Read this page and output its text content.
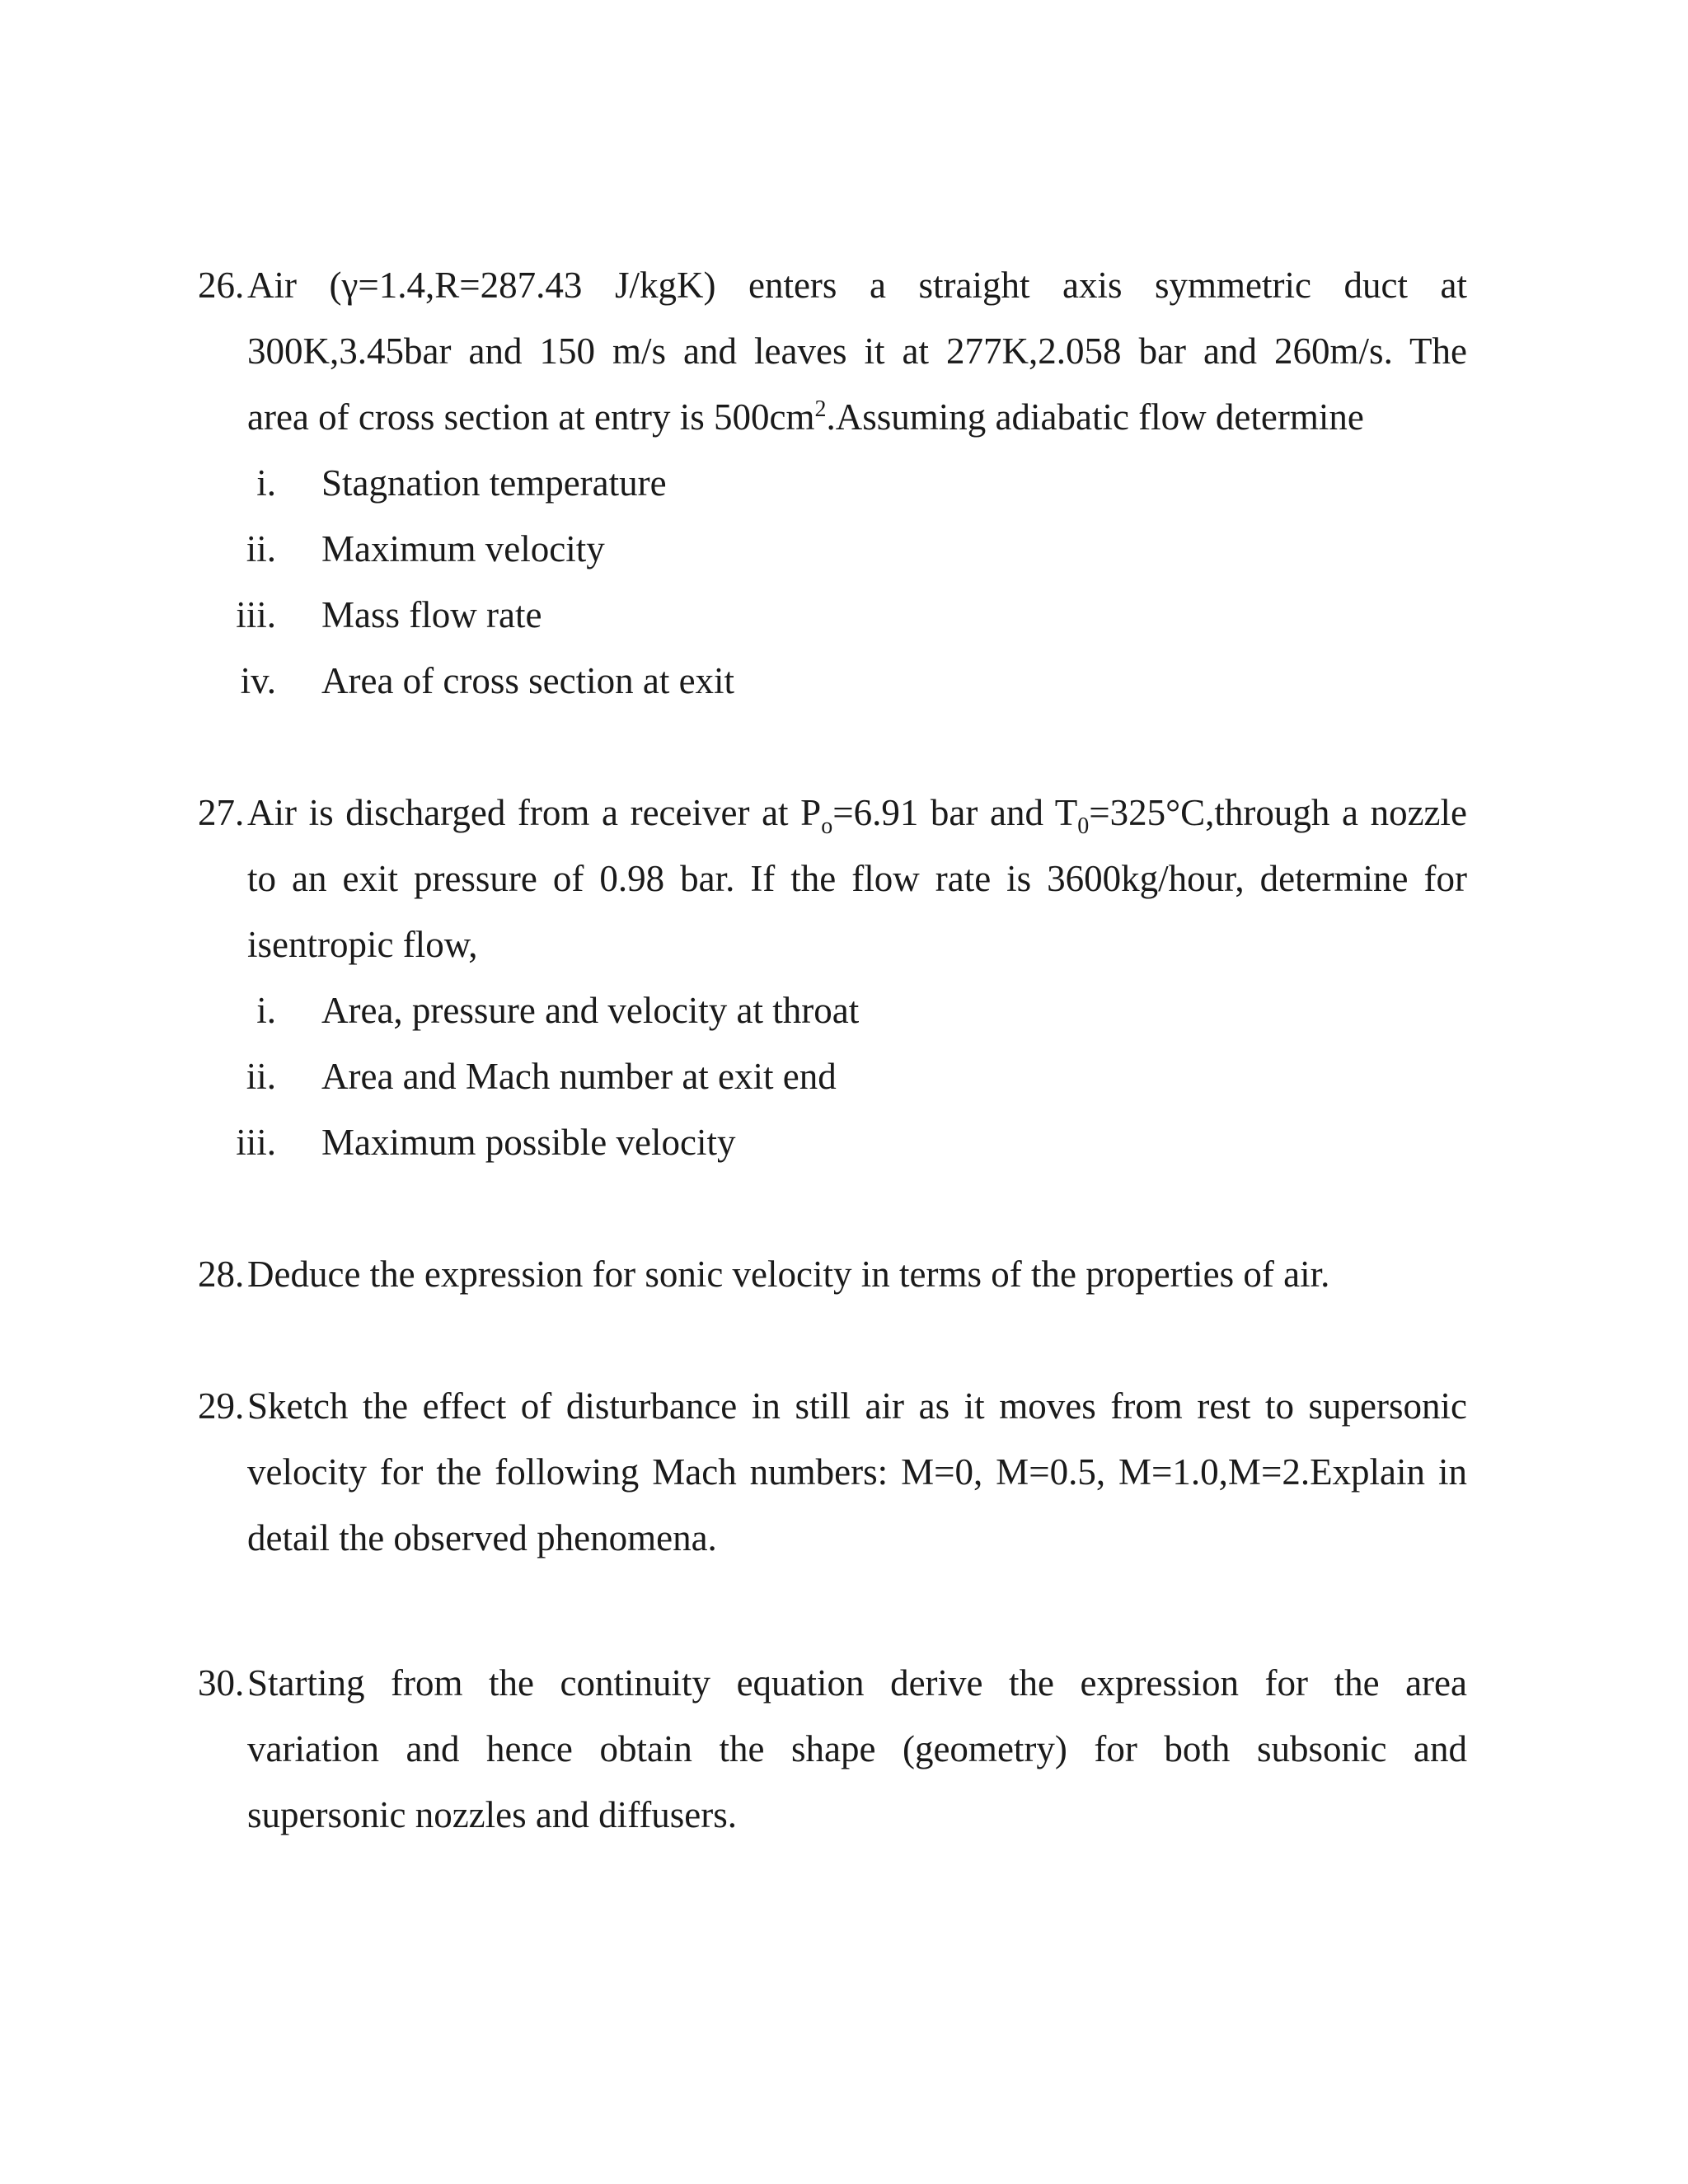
26. Air (γ=1.4,R=287.43 J/kgK) enters a straight axis symmetric duct at
300K,3.45bar and 150 m/s and leaves it at 277K,2.058 bar and 260m/s. The
area of cross section at entry is $500cm^2.Assuming$ adiabatic flow determine
i.	Stagnation temperature
ii.	Maximum velocity
iii.	Mass flow rate
iv.	Area of cross section at exit
27. Air is discharged from a receiver at $P_o=6.91$ bar and $T_0=325^\circ C,through$ a nozzle
to an exit pressure of 0.98 bar. If the flow rate is 3600kg/hour, determine for
isentropic flow,
i.	Area, pressure and velocity at throat
ii.	Area and Mach number at exit end
iii.	Maximum possible velocity
28. Deduce the expression for sonic velocity in terms of the properties of air.
29. Sketch the effect of disturbance in still air as it moves from rest to supersonic
velocity for the following Mach numbers: M=0, M=0.5, M=1.0,M=2.Explain in
detail the observed phenomena.
30. Starting from the continuity equation derive the expression for the area
variation and hence obtain the shape (geometry) for both subsonic and
supersonic nozzles and diffusers.
